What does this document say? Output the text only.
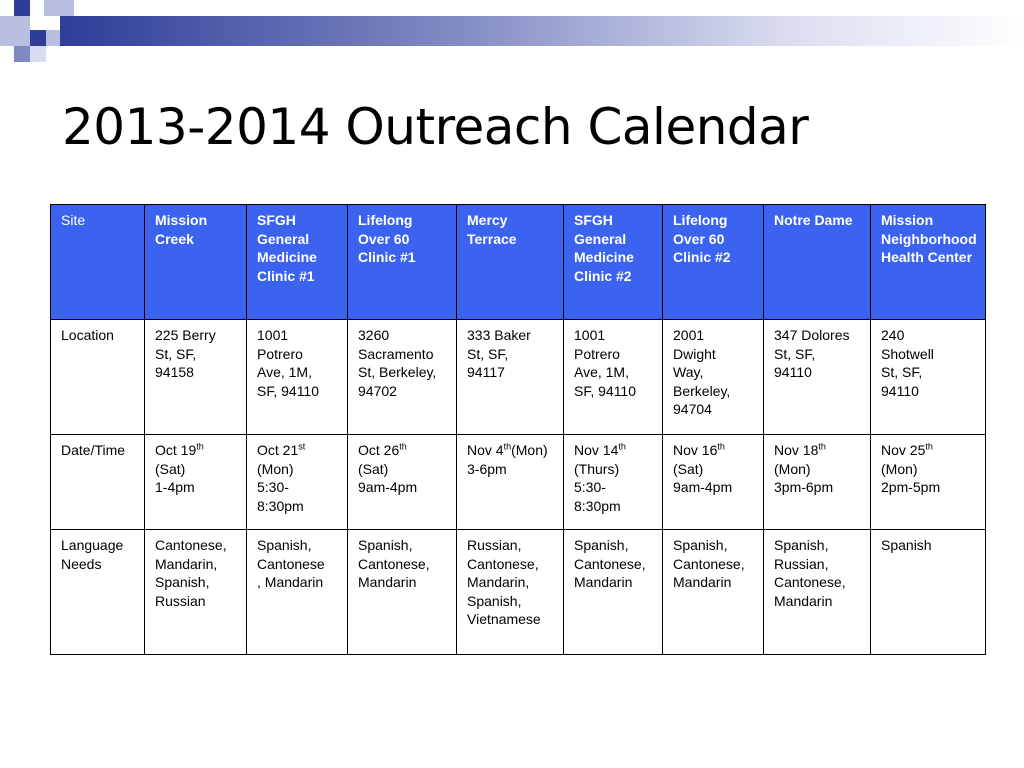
2013-2014 Outreach Calendar
Site	Mission Creek	SFGH General Medicine Clinic #1	Lifelong Over 60 Clinic #1	Mercy Terrace	SFGH General Medicine Clinic #2	Lifelong Over 60 Clinic #2	Notre Dame	Mission Neighborhood Health Center
Location	225 Berry
St, SF,
94158	1001
Potrero
Ave, 1M,
SF, 94110	3260
Sacramento
St, Berkeley,
94702	333 Baker
St, SF,
94117	1001
Potrero
Ave, 1M,
SF, 94110	2001
Dwight
Way,
Berkeley,
94704	347 Dolores
St, SF,
94110	240
Shotwell
St, SF,
94110

Date/Time	Oct 19th
(Sat)
1-4pm	Oct 21st
(Mon)
5:30-
8:30pm	Oct 26th
(Sat)
9am-4pm	Nov 4th(Mon)
3-6pm	Nov 14th
(Thurs)
5:30-
8:30pm	Nov 16th
(Sat)
9am-4pm	Nov 18th
(Mon)
3pm-6pm	Nov 25th
(Mon)
2pm-5pm

Language Needs	Cantonese,
Mandarin,
Spanish,
Russian	Spanish,
Cantonese
, Mandarin	Spanish,
Cantonese,
Mandarin	Russian,
Cantonese,
Mandarin,
Spanish,
Vietnamese	Spanish,
Cantonese,
Mandarin	Spanish,
Cantonese,
Mandarin	Spanish,
Russian,
Cantonese,
Mandarin	Spanish
